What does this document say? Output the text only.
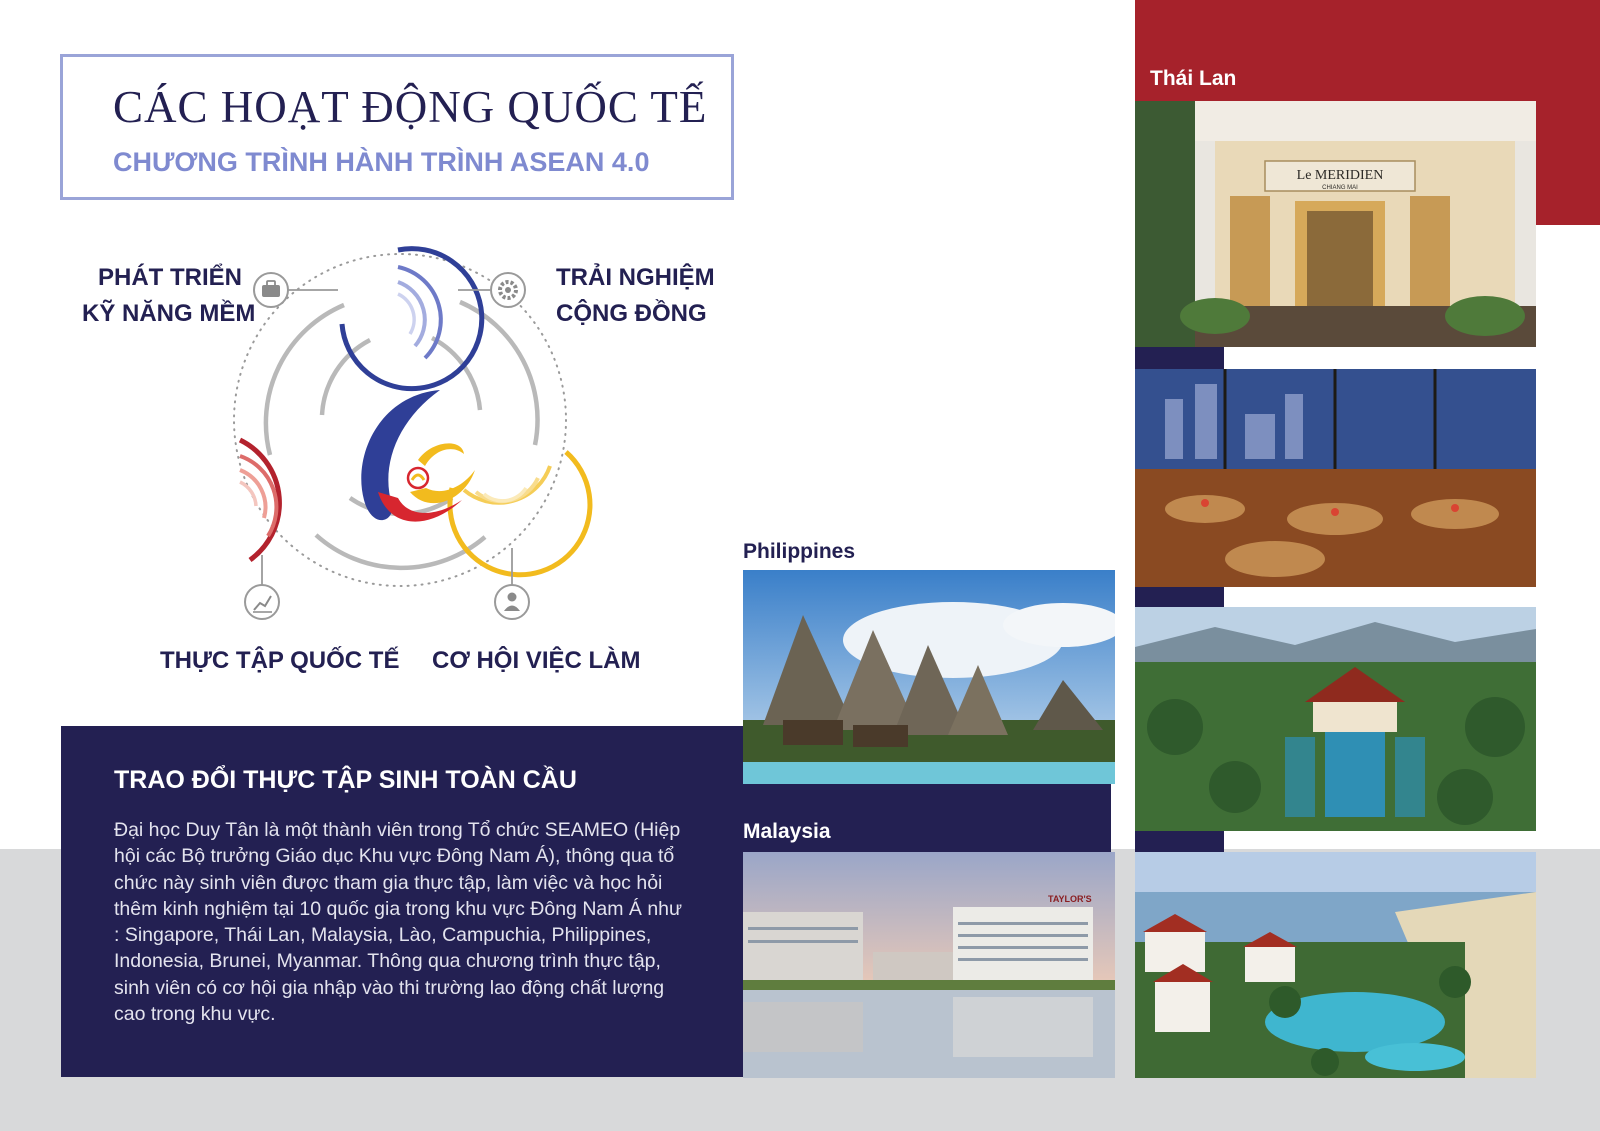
CÁC HOẠT ĐỘNG QUỐC TẾ
CHƯƠNG TRÌNH HÀNH TRÌNH ASEAN 4.0
PHÁT TRIỂN
KỸ NĂNG MỀM
TRẢI NGHIỆM
CỘNG ĐỒNG
THỰC TẬP QUỐC TẾ CƠ HỘI VIỆC LÀM
TRAO ĐỔI THỰC TẬP SINH TOÀN CẦU
Đại học Duy Tân là một thành viên trong Tổ chức SEAMEO (Hiệp hội các Bộ trưởng Giáo dục Khu vực Đông Nam Á), thông qua tổ chức này sinh viên được tham gia thực tập, làm việc và học hỏi thêm kinh nghiệm tại 10 quốc gia trong khu vực Đông Nam Á như : Singapore, Thái Lan, Malaysia, Lào, Campuchia, Philippines, Indonesia, Brunei, Myanmar. Thông qua chương trình thực tập, sinh viên có cơ hội gia nhập vào thi trường lao động chất lượng cao trong khu vực.
Thái Lan
Philippines
Malaysia
TAYLOR'S
Le MERIDIEN
CHIANG MAI
